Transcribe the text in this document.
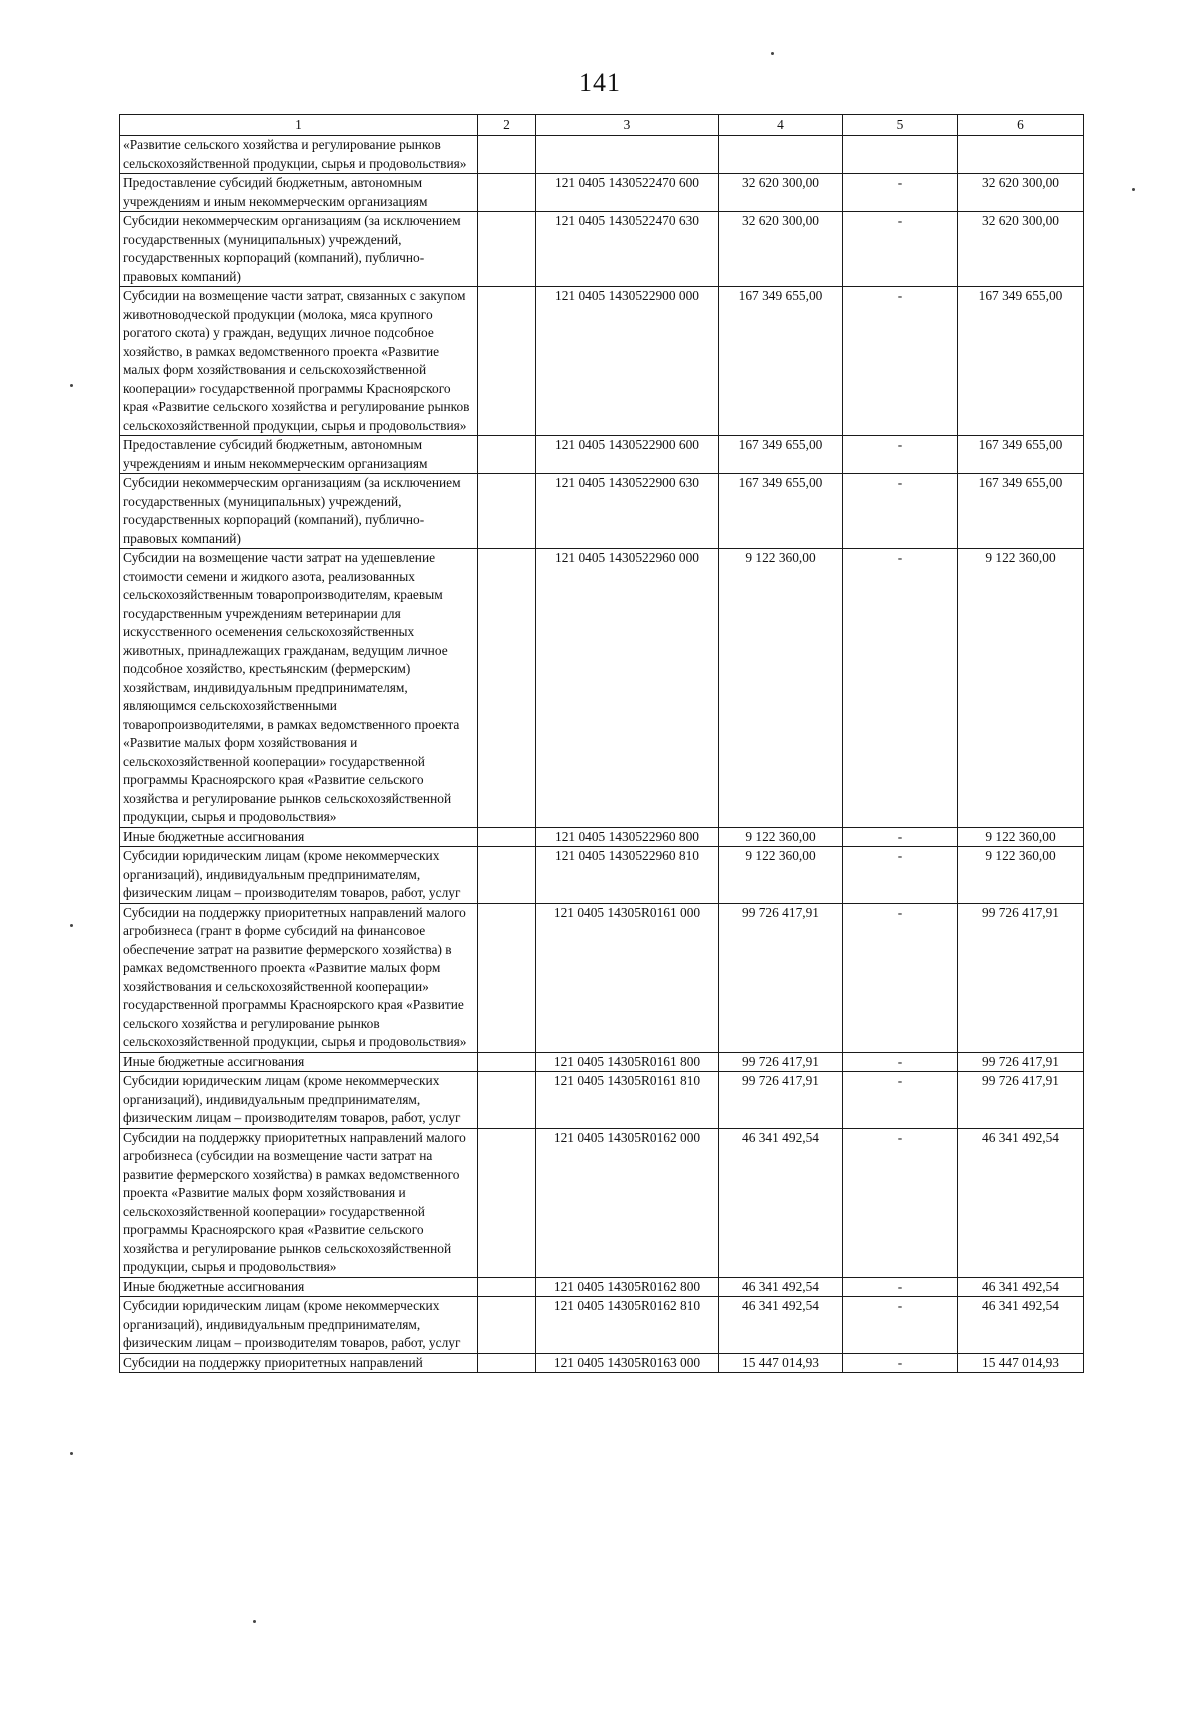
141
1	2	3	4	5	6
«Развитие сельского хозяйства и регулирование рынков сельскохозяйственной продукции, сырья и продовольствия»					
Предоставление субсидий бюджетным, автономным учреждениям и иным некоммерческим организациям		121 0405 1430522470 600	32 620 300,00	-	32 620 300,00
Субсидии некоммерческим организациям (за исключением государственных (муниципальных) учреждений, государственных корпораций (компаний), публично-правовых компаний)		121 0405 1430522470 630	32 620 300,00	-	32 620 300,00
Субсидии на возмещение части затрат, связанных с закупом животноводческой продукции (молока, мяса крупного рогатого скота) у граждан, ведущих личное подсобное хозяйство, в рамках ведомственного проекта «Развитие малых форм хозяйствования и сельскохозяйственной кооперации» государственной программы Красноярского края «Развитие сельского хозяйства и регулирование рынков сельскохозяйственной продукции, сырья и продовольствия»		121 0405 1430522900 000	167 349 655,00	-	167 349 655,00
Предоставление субсидий бюджетным, автономным учреждениям и иным некоммерческим организациям		121 0405 1430522900 600	167 349 655,00	-	167 349 655,00
Субсидии некоммерческим организациям (за исключением государственных (муниципальных) учреждений, государственных корпораций (компаний), публично-правовых компаний)		121 0405 1430522900 630	167 349 655,00	-	167 349 655,00
Субсидии на возмещение части затрат на удешевление стоимости семени и жидкого азота, реализованных сельскохозяйственным товаропроизводителям, краевым государственным учреждениям ветеринарии для искусственного осеменения сельскохозяйственных животных, принадлежащих гражданам, ведущим личное подсобное хозяйство, крестьянским (фермерским) хозяйствам, индивидуальным предпринимателям, являющимся сельскохозяйственными товаропроизводителями, в рамках ведомственного проекта «Развитие малых форм хозяйствования и сельскохозяйственной кооперации» государственной программы Красноярского края «Развитие сельского хозяйства и регулирование рынков сельскохозяйственной продукции, сырья и продовольствия»		121 0405 1430522960 000	9 122 360,00	-	9 122 360,00
Иные бюджетные ассигнования		121 0405 1430522960 800	9 122 360,00	-	9 122 360,00
Субсидии юридическим лицам (кроме некоммерческих организаций), индивидуальным предпринимателям, физическим лицам – производителям товаров, работ, услуг		121 0405 1430522960 810	9 122 360,00	-	9 122 360,00
Субсидии на поддержку приоритетных направлений малого агробизнеса (грант в форме субсидий на финансовое обеспечение затрат на развитие фермерского хозяйства) в рамках ведомственного проекта «Развитие малых форм хозяйствования и сельскохозяйственной кооперации» государственной программы Красноярского края «Развитие сельского хозяйства и регулирование рынков сельскохозяйственной продукции, сырья и продовольствия»		121 0405 14305R0161 000	99 726 417,91	-	99 726 417,91
Иные бюджетные ассигнования		121 0405 14305R0161 800	99 726 417,91	-	99 726 417,91
Субсидии юридическим лицам (кроме некоммерческих организаций), индивидуальным предпринимателям, физическим лицам – производителям товаров, работ, услуг		121 0405 14305R0161 810	99 726 417,91	-	99 726 417,91
Субсидии на поддержку приоритетных направлений малого агробизнеса (субсидии на возмещение части затрат на развитие фермерского хозяйства) в рамках ведомственного проекта «Развитие малых форм хозяйствования и сельскохозяйственной кооперации» государственной программы Красноярского края «Развитие сельского хозяйства и регулирование рынков сельскохозяйственной продукции, сырья и продовольствия»		121 0405 14305R0162 000	46 341 492,54	-	46 341 492,54
Иные бюджетные ассигнования		121 0405 14305R0162 800	46 341 492,54	-	46 341 492,54
Субсидии юридическим лицам (кроме некоммерческих организаций), индивидуальным предпринимателям, физическим лицам – производителям товаров, работ, услуг		121 0405 14305R0162 810	46 341 492,54	-	46 341 492,54
Субсидии на поддержку приоритетных направлений		121 0405 14305R0163 000	15 447 014,93	-	15 447 014,93
